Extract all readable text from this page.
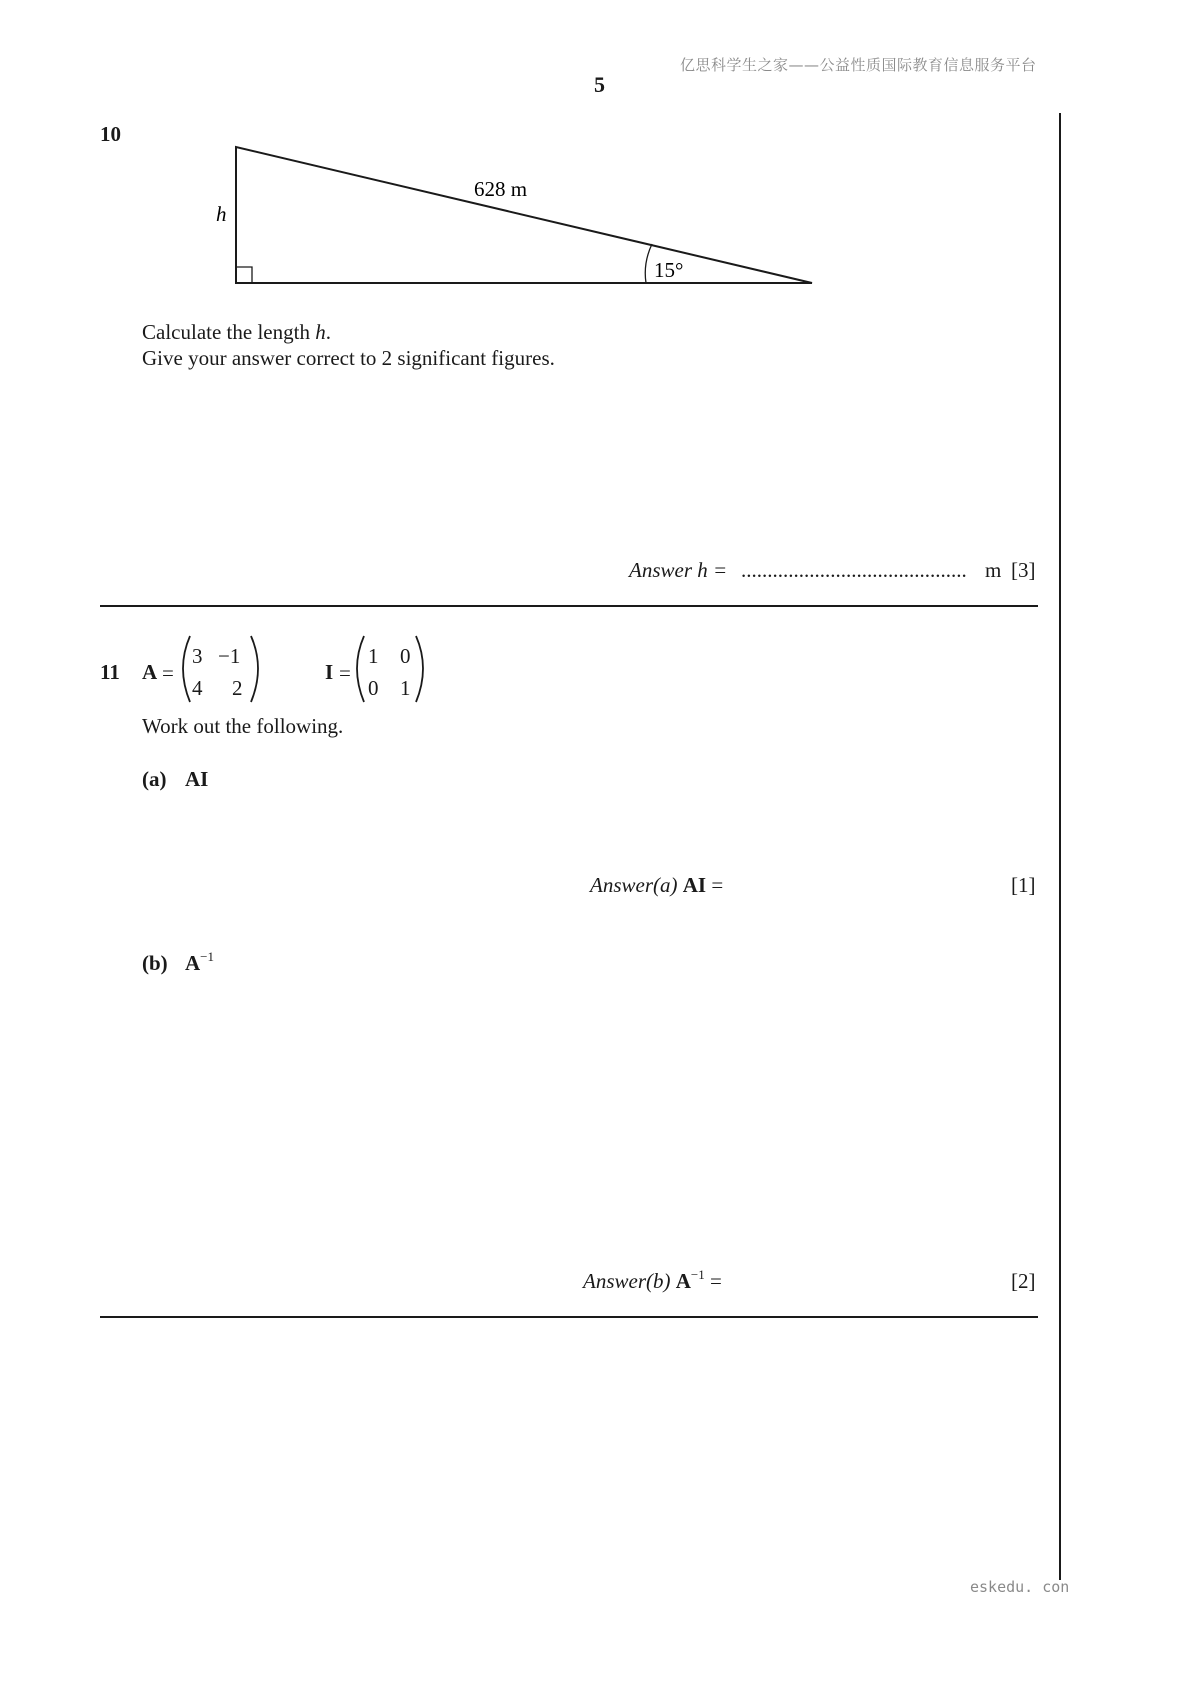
亿思科学生之家——公益性质国际教育信息服务平台
5
10
628 m
h
15°
Calculate the length h.
Give your answer correct to 2 significant figures.
Answer h = ........................................... m [3]
11 A =
3 −1
4 2
I =
1 0
0 1
Work out the following.
(a) AI
Answer(a) AI =	[1]
(b) $A^{-1}$
Answer(b) $A^{-1}$ =	[2]
eskedu. con
